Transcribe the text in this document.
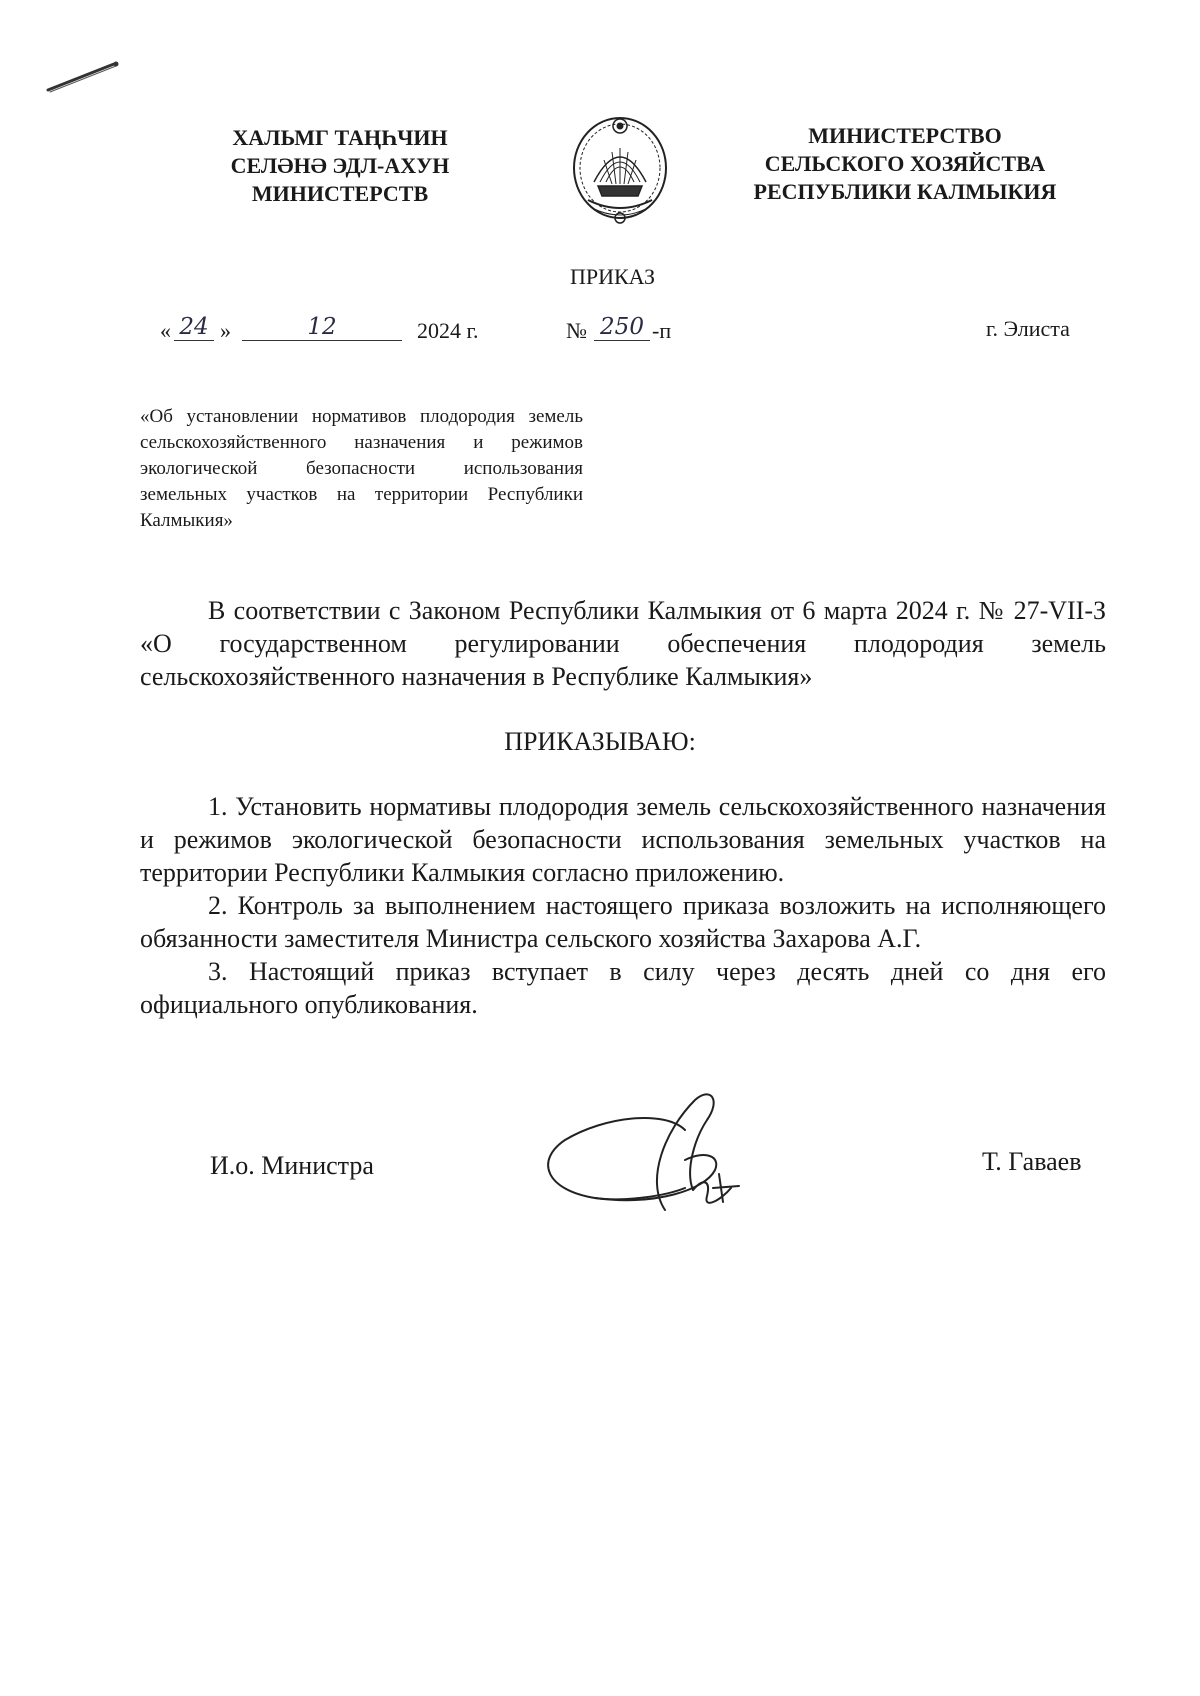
ХАЛЬМГ ТАҢҺЧИН
СЕЛӘНӘ ЭДЛ-АХУН
МИНИСТЕРСТВ
МИНИСТЕРСТВО
СЕЛЬСКОГО ХОЗЯЙСТВА
РЕСПУБЛИКИ КАЛМЫКИЯ
ПРИКАЗ
« 24 »	12	2024 г.	№ 250 -п	г. Элиста
«Об установлении нормативов плодородия земель сельскохозяйственного назначения и режимов экологической безопасности использования земельных участков на территории Республики Калмыкия»
В соответствии с Законом Республики Калмыкия от 6 марта 2024 г. № 27-VII-З «О государственном регулировании обеспечения плодородия земель сельскохозяйственного назначения в Республике Калмыкия»
ПРИКАЗЫВАЮ:

1. Установить нормативы плодородия земель сельскохозяйственного назначения и режимов экологической безопасности использования земельных участков на территории Республики Калмыкия согласно приложению.

2. Контроль за выполнением настоящего приказа возложить на исполняющего обязанности заместителя Министра сельского хозяйства Захарова А.Г.

3. Настоящий приказ вступает в силу через десять дней со дня его официального опубликования.

И.о. Министра	Т. Гаваев
